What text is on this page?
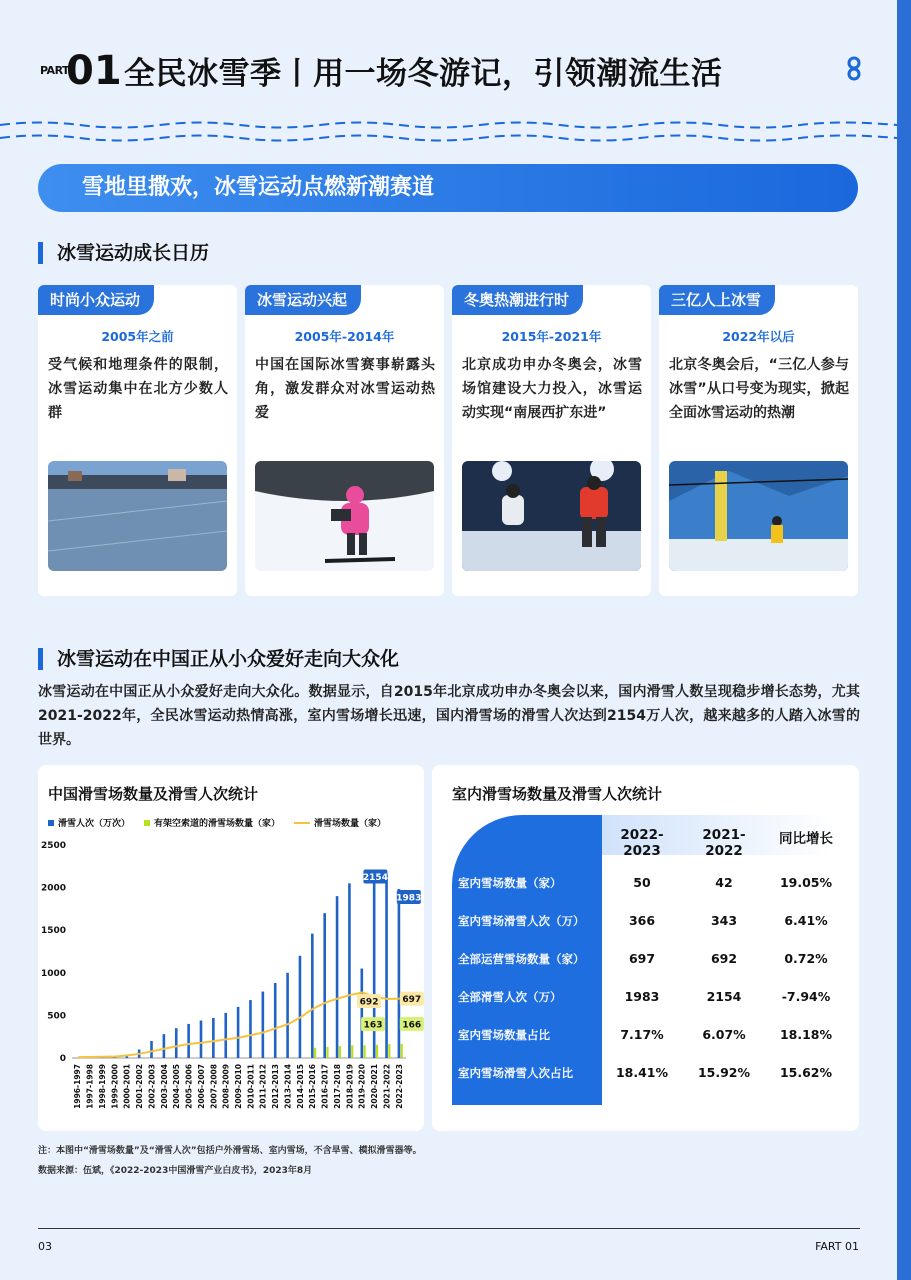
PART
01 全民冰雪季丨用一场冬游记，引领潮流生活
雪地里撒欢，冰雪运动点燃新潮赛道
冰雪运动成长日历
时尚小众运动
2005年之前
受气候和地理条件的限制，冰雪运动集中在北方少数人群
冰雪运动兴起
2005年-2014年
中国在国际冰雪赛事崭露头角，激发群众对冰雪运动热爱
冬奥热潮进行时
2015年-2021年
北京成功申办冬奥会，冰雪场馆建设大力投入，冰雪运动实现“南展西扩东进”
三亿人上冰雪
2022年以后
北京冬奥会后，“三亿人参与冰雪”从口号变为现实，掀起全面冰雪运动的热潮
冰雪运动在中国正从小众爱好走向大众化
冰雪运动在中国正从小众爱好走向大众化。数据显示，自2015年北京成功申办冬奥会以来，国内滑雪人数呈现稳步增长态势，尤其2021-2022年，全民冰雪运动热情高涨，室内雪场增长迅速，国内滑雪场的滑雪人次达到2154万人次，越来越多的人踏入冰雪的世界。
中国滑雪场数量及滑雪人次统计
滑雪人次（万次）	有架空索道的滑雪场数量（家）	滑雪场数量（家）
0
500
1000
1500
2000
2500
1996-1997 1997-1998 1998-1999 1999-2000 2000-2001 2001-2002 2002-2003 2003-2004 2004-2005 2005-2006 2006-2007 2007-2008 2008-2009 2009-2010 2010-2011 2011-2012 2012-2013 2013-2014 2014-2015 2015-2016 2016-2017 2017-2018 2018-2019 2019-2020 2020-2021 2021-2022 2022-2023
2154
1983
692	697
163 166
室内滑雪场数量及滑雪人次统计
2022-2023
2021-2022
同比增长
室内雪场数量（家）	50	42	19.05%
室内雪场滑雪人次（万）	366	343	6.41%
全部运营雪场数量（家）	697	692	0.72%
全部滑雪人次（万）	1983	2154	-7.94%
室内雪场数量占比	7.17%	6.07%	18.18%
室内雪场滑雪人次占比	18.41%	15.92%	15.62%
注：本图中“滑雪场数量”及“滑雪人次”包括户外滑雪场、室内雪场，不含旱雪、模拟滑雪器等。
数据来源：伍斌，《2022-2023中国滑雪产业白皮书》，2023年8月
03	FART 01
